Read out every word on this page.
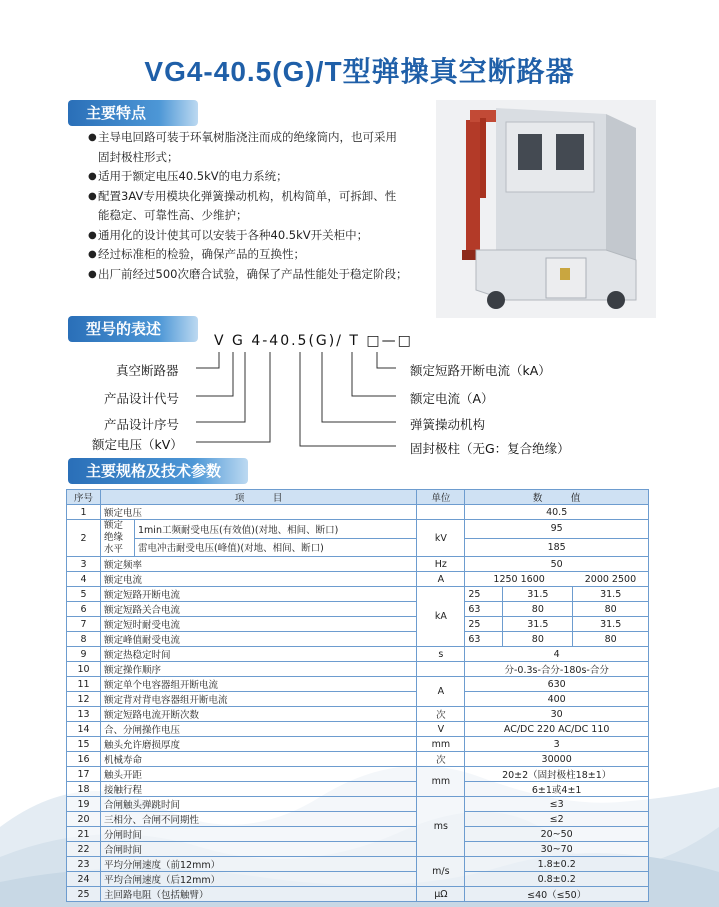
VG4-40.5(G)/T型弹操真空断路器
主要特点
● 主导电回路可装于环氧树脂浇注而成的绝缘筒内，也可采用
固封极柱形式；
● 适用于额定电压40.5kV的电力系统；
● 配置3AV专用模块化弹簧操动机构，机构简单，可拆卸、性
能稳定、可靠性高、少维护；
● 通用化的设计使其可以安装于各种40.5kV开关柜中；
● 经过标准柜的检验，确保产品的互换性；
● 出厂前经过500次磨合试验，确保了产品性能处于稳定阶段；
型号的表述
V G 4-40.5(G)/ T □—□
真空断路器
产品设计代号
产品设计序号
额定电压（kV）
额定短路开断电流（kA）
额定电流（A）
弹簧操动机构
固封极柱（无G：复合绝缘）
主要规格及技术参数
序号	项　　　目		单位	数　　　值		
1	额定电压			40.5		
2	额定绝缘水平	1min工频耐受电压(有效值)(对地、相间、断口)	kV	95		
		雷电冲击耐受电压(峰值)(对地、相间、断口)		185		
3	额定频率		Hz	50		
4	额定电流		A	1250 1600		2000 2500
5	额定短路开断电流		kA	25	31.5	31.5
6	额定短路关合电流			63	80	80
7	额定短时耐受电流			25	31.5	31.5
8	额定峰值耐受电流			63	80	80
9	额定热稳定时间		s	4		
10	额定操作顺序			分-0.3s-合分-180s-合分		
11	额定单个电容器组开断电流		A	630		
12	额定背对背电容器组开断电流			400		
13	额定短路电流开断次数		次	30		
14	合、分闸操作电压		V	AC/DC 220 AC/DC 110		
15	触头允许磨损厚度		mm	3		
16	机械寿命		次	30000		
17	触头开距		mm	20±2（固封极柱18±1）		
18	接触行程			6±1或4±1		
19	合闸触头弹跳时间		ms	≤3		
20	三相分、合闸不同期性			≤2		
21	分闸时间			20~50		
22	合闸时间			30~70		
23	平均分闸速度（前12mm）		m/s	1.8±0.2		
24	平均合闸速度（后12mm）			0.8±0.2		
25	主回路电阻（包括触臂）		μΩ	≤40（≤50）		
